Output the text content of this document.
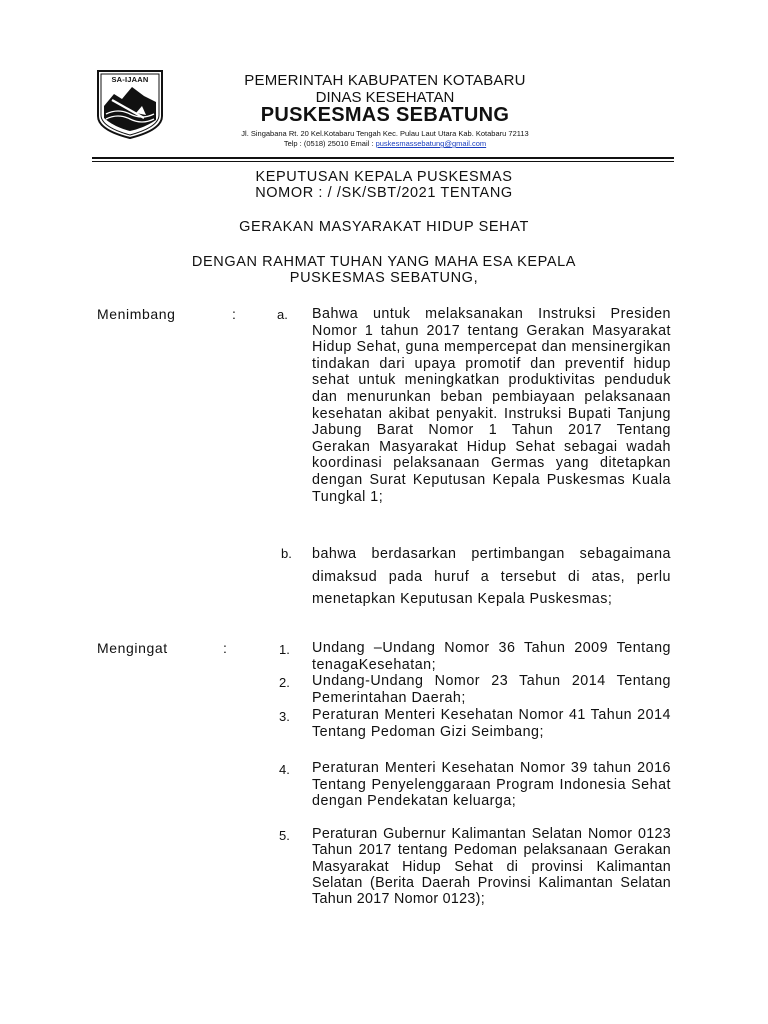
SA-IJAAN	PEMERINTAH KABUPATEN KOTABARU
DINAS KESEHATAN
PUSKESMAS SEBATUNG
Jl. Singabana Rt. 20 Kel.Kotabaru Tengah Kec. Pulau Laut Utara Kab. Kotabaru 72113
Telp : (0518) 25010 Email : puskesmassebatung@gmail.com
KEPUTUSAN KEPALA PUSKESMAS
NOMOR : / /SK/SBT/2021 TENTANG
GERAKAN MASYARAKAT HIDUP SEHAT
DENGAN RAHMAT TUHAN YANG MAHA ESA KEPALA
PUSKESMAS SEBATUNG,
Menimbang	:	a. Bahwa untuk melaksanakan Instruksi Presiden Nomor 1 tahun 2017 tentang Gerakan Masyarakat Hidup Sehat, guna mempercepat dan mensinergikan tindakan dari upaya promotif dan preventif hidup sehat untuk meningkatkan produktivitas penduduk dan menurunkan beban pembiayaan pelaksanaan kesehatan akibat penyakit. Instruksi Bupati Tanjung Jabung Barat Nomor 1 Tahun 2017 Tentang Gerakan Masyarakat Hidup Sehat sebagai wadah koordinasi pelaksanaan Germas yang ditetapkan dengan Surat Keputusan Kepala Puskesmas Kuala Tungkal 1;
b. bahwa berdasarkan pertimbangan sebagaimana dimaksud pada huruf a tersebut di atas, perlu menetapkan Keputusan Kepala Puskesmas;
Mengingat	:	1. Undang –Undang Nomor 36 Tahun 2009 Tentang tenagaKesehatan;
2. Undang-Undang Nomor 23 Tahun 2014 Tentang Pemerintahan Daerah;
3. Peraturan Menteri Kesehatan Nomor 41 Tahun 2014 Tentang Pedoman Gizi Seimbang;
4. Peraturan Menteri Kesehatan Nomor 39 tahun 2016 Tentang Penyelenggaraan Program Indonesia Sehat dengan Pendekatan keluarga;
5. Peraturan Gubernur Kalimantan Selatan Nomor 0123 Tahun 2017 tentang Pedoman pelaksanaan Gerakan Masyarakat Hidup Sehat di provinsi Kalimantan Selatan (Berita Daerah Provinsi Kalimantan Selatan Tahun 2017 Nomor 0123);
